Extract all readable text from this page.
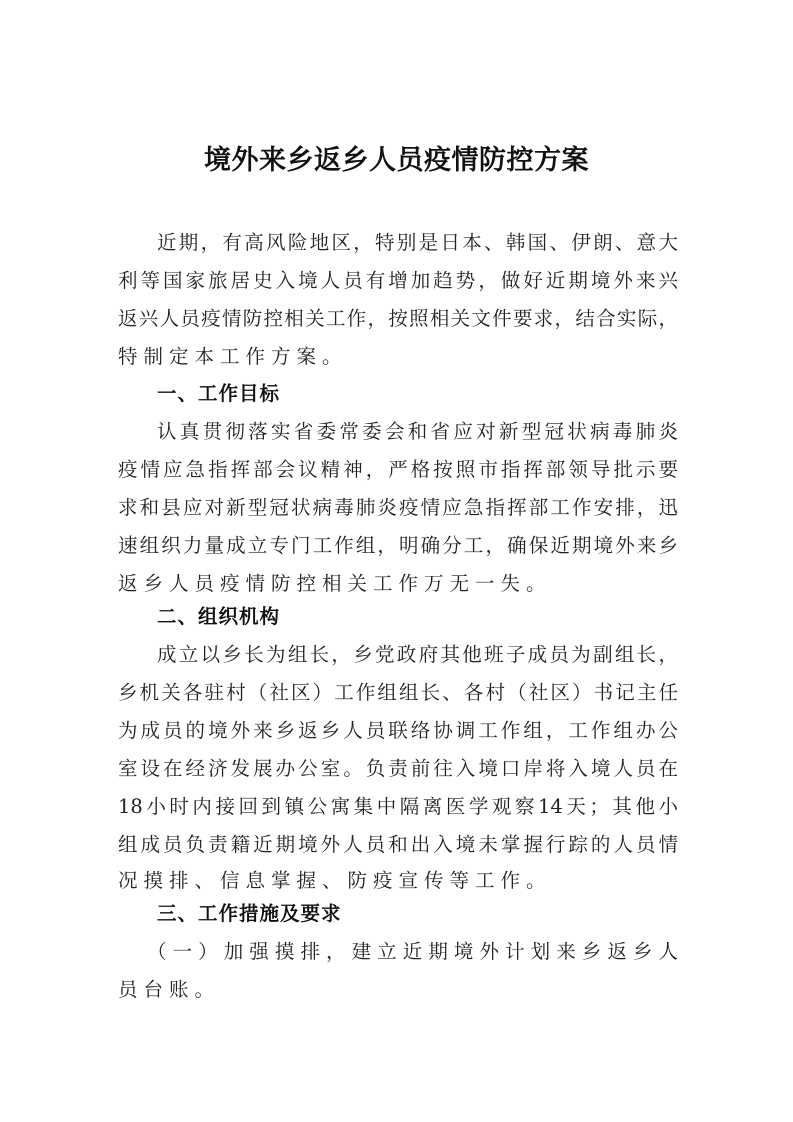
境外来乡返乡人员疫情防控方案
近期，有高风险地区，特别是日本、韩国、伊朗、意大
利等国家旅居史入境人员有增加趋势，做好近期境外来兴
返兴人员疫情防控相关工作，按照相关文件要求，结合实际，
特制定本工作方案。
一、工作目标
认真贯彻落实省委常委会和省应对新型冠状病毒肺炎
疫情应急指挥部会议精神，严格按照市指挥部领导批示要
求和县应对新型冠状病毒肺炎疫情应急指挥部工作安排，迅
速组织力量成立专门工作组，明确分工，确保近期境外来乡
返乡人员疫情防控相关工作万无一失。
二、组织机构
成立以乡长为组长，乡党政府其他班子成员为副组长，
乡机关各驻村（社区）工作组组长、各村（社区）书记主任
为成员的境外来乡返乡人员联络协调工作组，工作组办公
室设在经济发展办公室。负责前往入境口岸将入境人员在
18小时内接回到镇公寓集中隔离医学观察14天；其他小
组成员负责籍近期境外人员和出入境未掌握行踪的人员情
况摸排、信息掌握、防疫宣传等工作。
三、工作措施及要求
（一）加强摸排，建立近期境外计划来乡返乡人
员台账。
